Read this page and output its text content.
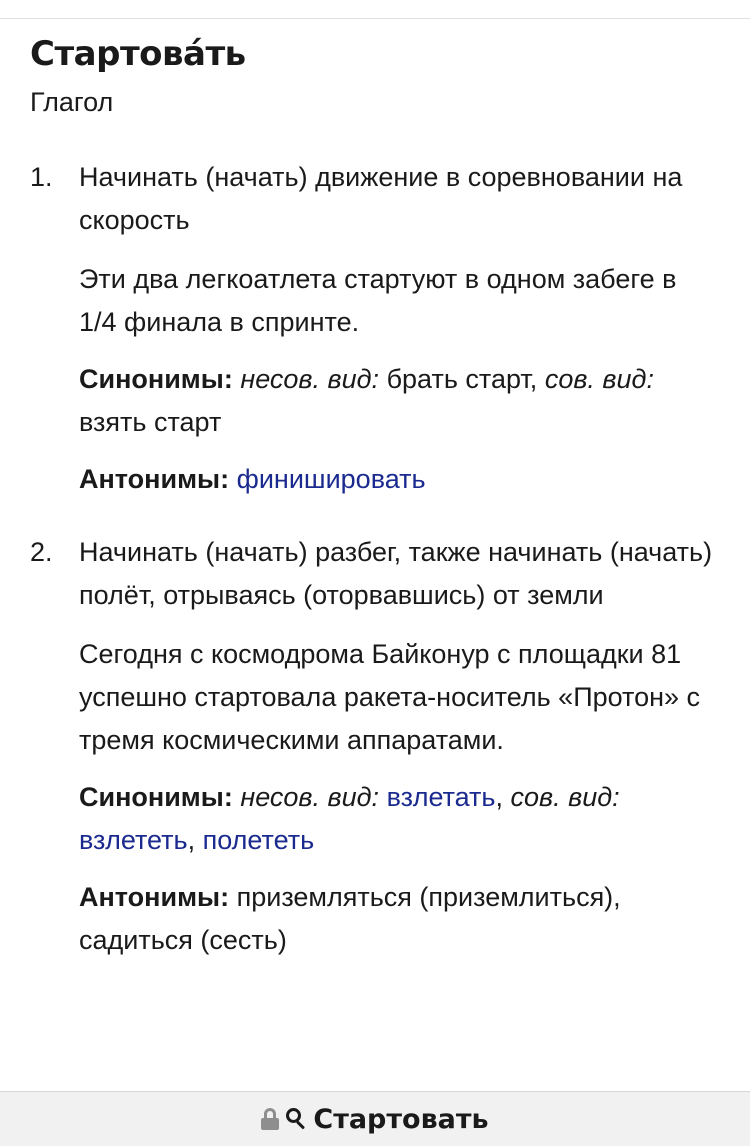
Стартова́ть
Глагол
1. Начинать (начать) движение в соревновании на скорость

Эти два легкоатлета стартуют в одном забеге в 1/4 финала в спринте.

Синонимы: несов. вид: брать старт, сов. вид: взять старт

Антонимы: финишировать

2. Начинать (начать) разбег, также начинать (начать) полёт, отрываясь (оторвавшись) от земли

Сегодня с космодрома Байконур с площадки 81 успешно стартовала ракета-носитель «Протон» с тремя космическими аппаратами.

Синонимы: несов. вид: взлетать, сов. вид: взлететь, полететь

Антонимы: приземляться (приземлиться), садиться (сесть)

Стартовать
